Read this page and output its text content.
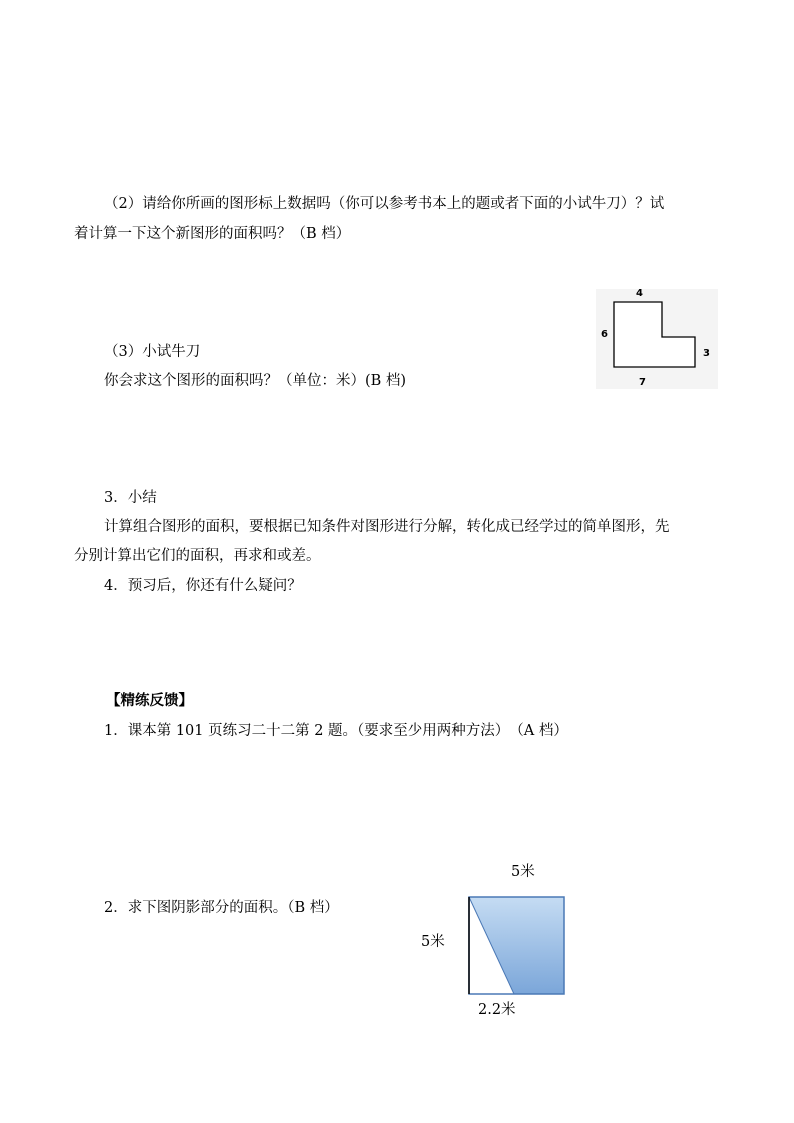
（2）请给你所画的图形标上数据吗（你可以参考书本上的题或者下面的小试牛刀）？试
着计算一下这个新图形的面积吗？（B 档）
（3）小试牛刀
你会求这个图形的面积吗？（单位：米）(B 档)
4
6
3
7
3．小结
计算组合图形的面积，要根据已知条件对图形进行分解，转化成已经学过的简单图形，先
分别计算出它们的面积，再求和或差。
4．预习后，你还有什么疑问？
【精练反馈】
1．课本第 101 页练习二十二第 2 题。（要求至少用两种方法）　（A 档）
2．求下图阴影部分的面积。（B 档）
5米
5米
2.2米
